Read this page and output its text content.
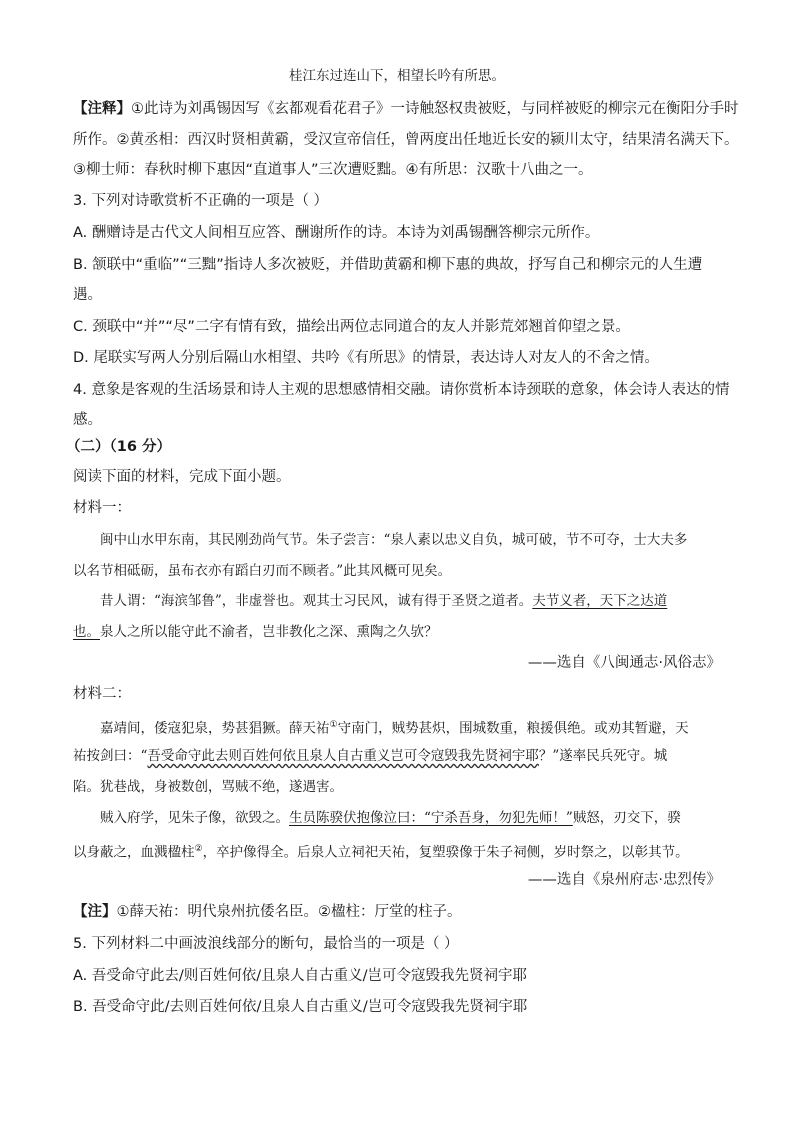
桂江东过连山下，相望长吟有所思。
【注释】①此诗为刘禹锡因写《玄都观看花君子》一诗触怒权贵被贬，与同样被贬的柳宗元在衡阳分手时
所作。②黄丞相：西汉时贤相黄霸，受汉宣帝信任，曾两度出任地近长安的颍川太守，结果清名满天下。
③柳士师：春秋时柳下惠因“直道事人”三次遭贬黜。④有所思：汉歌十八曲之一。
3. 下列对诗歌赏析不正确的一项是（ ）
A. 酬赠诗是古代文人间相互应答、酬谢所作的诗。本诗为刘禹锡酬答柳宗元所作。
B. 颔联中“重临”“三黜”指诗人多次被贬，并借助黄霸和柳下惠的典故，抒写自己和柳宗元的人生遭
遇。
C. 颈联中“并”“尽”二字有情有致，描绘出两位志同道合的友人并影荒郊翘首仰望之景。
D. 尾联实写两人分别后隔山水相望、共吟《有所思》的情景，表达诗人对友人的不舍之情。
4. 意象是客观的生活场景和诗人主观的思想感情相交融。请你赏析本诗颈联的意象，体会诗人表达的情
感。
（二）（16 分）
阅读下面的材料，完成下面小题。
材料一：
闽中山水甲东南，其民刚劲尚气节。朱子尝言：“泉人素以忠义自负，城可破，节不可夺，士大夫多
以名节相砥砺，虽布衣亦有蹈白刃而不顾者。”此其风概可见矣。
昔人谓：“海滨邹鲁”，非虚誉也。观其士习民风，诚有得于圣贤之道者。夫节义者，天下之达道
也。泉人之所以能守此不渝者，岂非教化之深、熏陶之久欤？
——选自《八闽通志·风俗志》
材料二：
嘉靖间，倭寇犯泉，势甚猖獗。薛天祐①守南门，贼势甚炽，围城数重，粮援俱绝。或劝其暂避，天
祐按剑曰：“吾受命守此去则百姓何依且泉人自古重义岂可令寇毁我先贤祠宇耶？”遂率民兵死守。城
陷。犹巷战，身被数创，骂贼不绝，遂遇害。
贼入府学，见朱子像，欲毁之。生员陈骙伏抱像泣曰：“宁杀吾身，勿犯先师！”贼怒，刃交下，骙
以身蔽之，血溅楹柱②，卒护像得全。后泉人立祠祀天祐，复塑骙像于朱子祠侧，岁时祭之，以彰其节。
——选自《泉州府志·忠烈传》
【注】①薛天祐：明代泉州抗倭名臣。②楹柱：厅堂的柱子。
5. 下列材料二中画波浪线部分的断句，最恰当的一项是（ ）
A. 吾受命守此去/则百姓何依/且泉人自古重义/岂可令寇毁我先贤祠宇耶
B. 吾受命守此/去则百姓何依/且泉人自古重义/岂可令寇毁我先贤祠宇耶
